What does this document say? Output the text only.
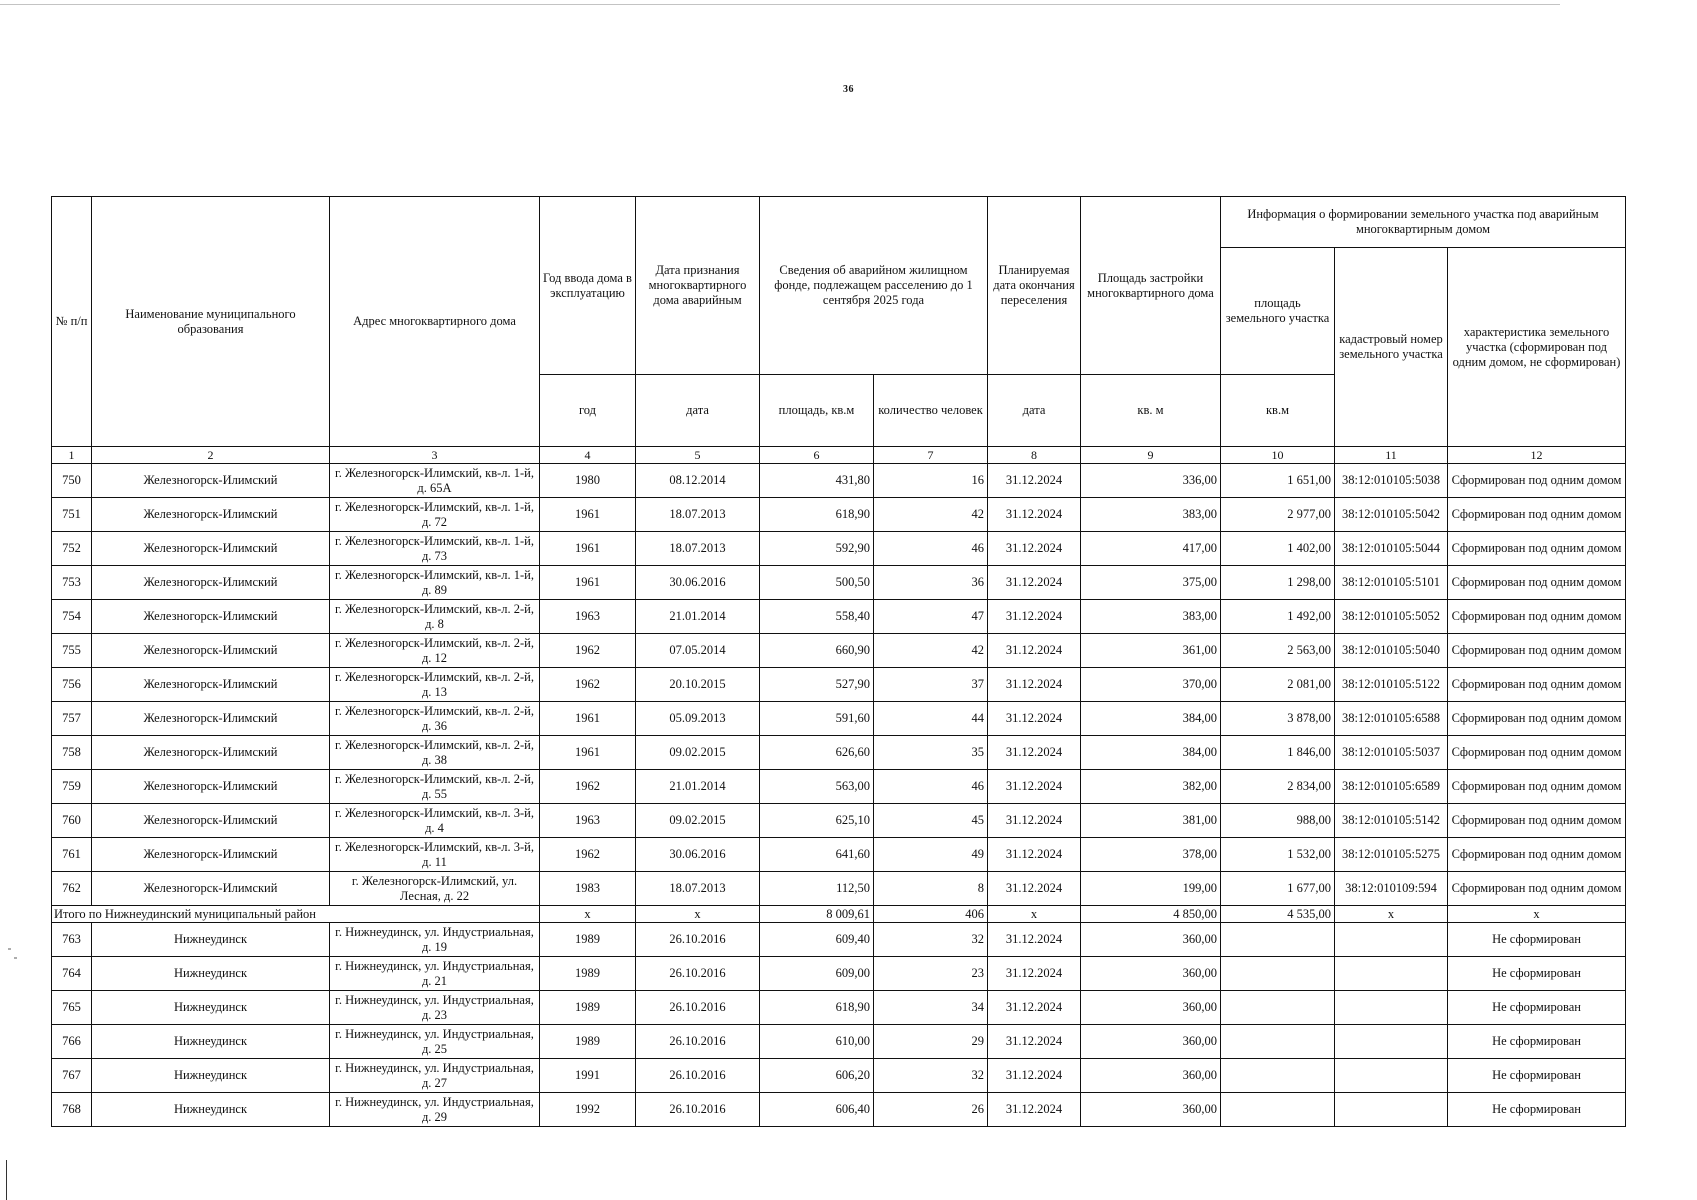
36
№ п/п	Наименование муниципального образования	Адрес многоквартирного дома	Год ввода дома в эксплуатацию	Дата признания многоквартирного дома аварийным	Сведения об аварийном жилищном фонде, подлежащем расселению до 1 сентября 2025 года		Планируемая дата окончания переселения	Площадь застройки многоквартирного дома	Информация о формировании земельного участка под аварийным многоквартирным домом		
									площадь земельного участка	кадастровый номер земельного участка	характеристика земельного участка (сформирован под одним домом, не сформирован)
			год	дата	площадь, кв.м	количество человек	дата	кв. м	кв.м		
1	2	3	4	5	6	7	8	9	10	11	12
750	Железногорск-Илимский	г. Железногорск-Илимский, кв-л. 1-й, д. 65А	1980	08.12.2014	431,80	16	31.12.2024	336,00	1 651,00	38:12:010105:5038	Сформирован под одним домом
751	Железногорск-Илимский	г. Железногорск-Илимский, кв-л. 1-й, д. 72	1961	18.07.2013	618,90	42	31.12.2024	383,00	2 977,00	38:12:010105:5042	Сформирован под одним домом
752	Железногорск-Илимский	г. Железногорск-Илимский, кв-л. 1-й, д. 73	1961	18.07.2013	592,90	46	31.12.2024	417,00	1 402,00	38:12:010105:5044	Сформирован под одним домом
753	Железногорск-Илимский	г. Железногорск-Илимский, кв-л. 1-й, д. 89	1961	30.06.2016	500,50	36	31.12.2024	375,00	1 298,00	38:12:010105:5101	Сформирован под одним домом
754	Железногорск-Илимский	г. Железногорск-Илимский, кв-л. 2-й, д. 8	1963	21.01.2014	558,40	47	31.12.2024	383,00	1 492,00	38:12:010105:5052	Сформирован под одним домом
755	Железногорск-Илимский	г. Железногорск-Илимский, кв-л. 2-й, д. 12	1962	07.05.2014	660,90	42	31.12.2024	361,00	2 563,00	38:12:010105:5040	Сформирован под одним домом
756	Железногорск-Илимский	г. Железногорск-Илимский, кв-л. 2-й, д. 13	1962	20.10.2015	527,90	37	31.12.2024	370,00	2 081,00	38:12:010105:5122	Сформирован под одним домом
757	Железногорск-Илимский	г. Железногорск-Илимский, кв-л. 2-й, д. 36	1961	05.09.2013	591,60	44	31.12.2024	384,00	3 878,00	38:12:010105:6588	Сформирован под одним домом
758	Железногорск-Илимский	г. Железногорск-Илимский, кв-л. 2-й, д. 38	1961	09.02.2015	626,60	35	31.12.2024	384,00	1 846,00	38:12:010105:5037	Сформирован под одним домом
759	Железногорск-Илимский	г. Железногорск-Илимский, кв-л. 2-й, д. 55	1962	21.01.2014	563,00	46	31.12.2024	382,00	2 834,00	38:12:010105:6589	Сформирован под одним домом
760	Железногорск-Илимский	г. Железногорск-Илимский, кв-л. 3-й, д. 4	1963	09.02.2015	625,10	45	31.12.2024	381,00	988,00	38:12:010105:5142	Сформирован под одним домом
761	Железногорск-Илимский	г. Железногорск-Илимский, кв-л. 3-й, д. 11	1962	30.06.2016	641,60	49	31.12.2024	378,00	1 532,00	38:12:010105:5275	Сформирован под одним домом
762	Железногорск-Илимский	г. Железногорск-Илимский, ул. Лесная, д. 22	1983	18.07.2013	112,50	8	31.12.2024	199,00	1 677,00	38:12:010109:594	Сформирован под одним домом
Итого по Нижнеудинский муниципальный район			х	х	8 009,61	406	х	4 850,00	4 535,00	х	х
763	Нижнеудинск	г. Нижнеудинск, ул. Индустриальная, д. 19	1989	26.10.2016	609,40	32	31.12.2024	360,00			Не сформирован
764	Нижнеудинск	г. Нижнеудинск, ул. Индустриальная, д. 21	1989	26.10.2016	609,00	23	31.12.2024	360,00			Не сформирован
765	Нижнеудинск	г. Нижнеудинск, ул. Индустриальная, д. 23	1989	26.10.2016	618,90	34	31.12.2024	360,00			Не сформирован
766	Нижнеудинск	г. Нижнеудинск, ул. Индустриальная, д. 25	1989	26.10.2016	610,00	29	31.12.2024	360,00			Не сформирован
767	Нижнеудинск	г. Нижнеудинск, ул. Индустриальная, д. 27	1991	26.10.2016	606,20	32	31.12.2024	360,00			Не сформирован
768	Нижнеудинск	г. Нижнеудинск, ул. Индустриальная, д. 29	1992	26.10.2016	606,40	26	31.12.2024	360,00			Не сформирован
